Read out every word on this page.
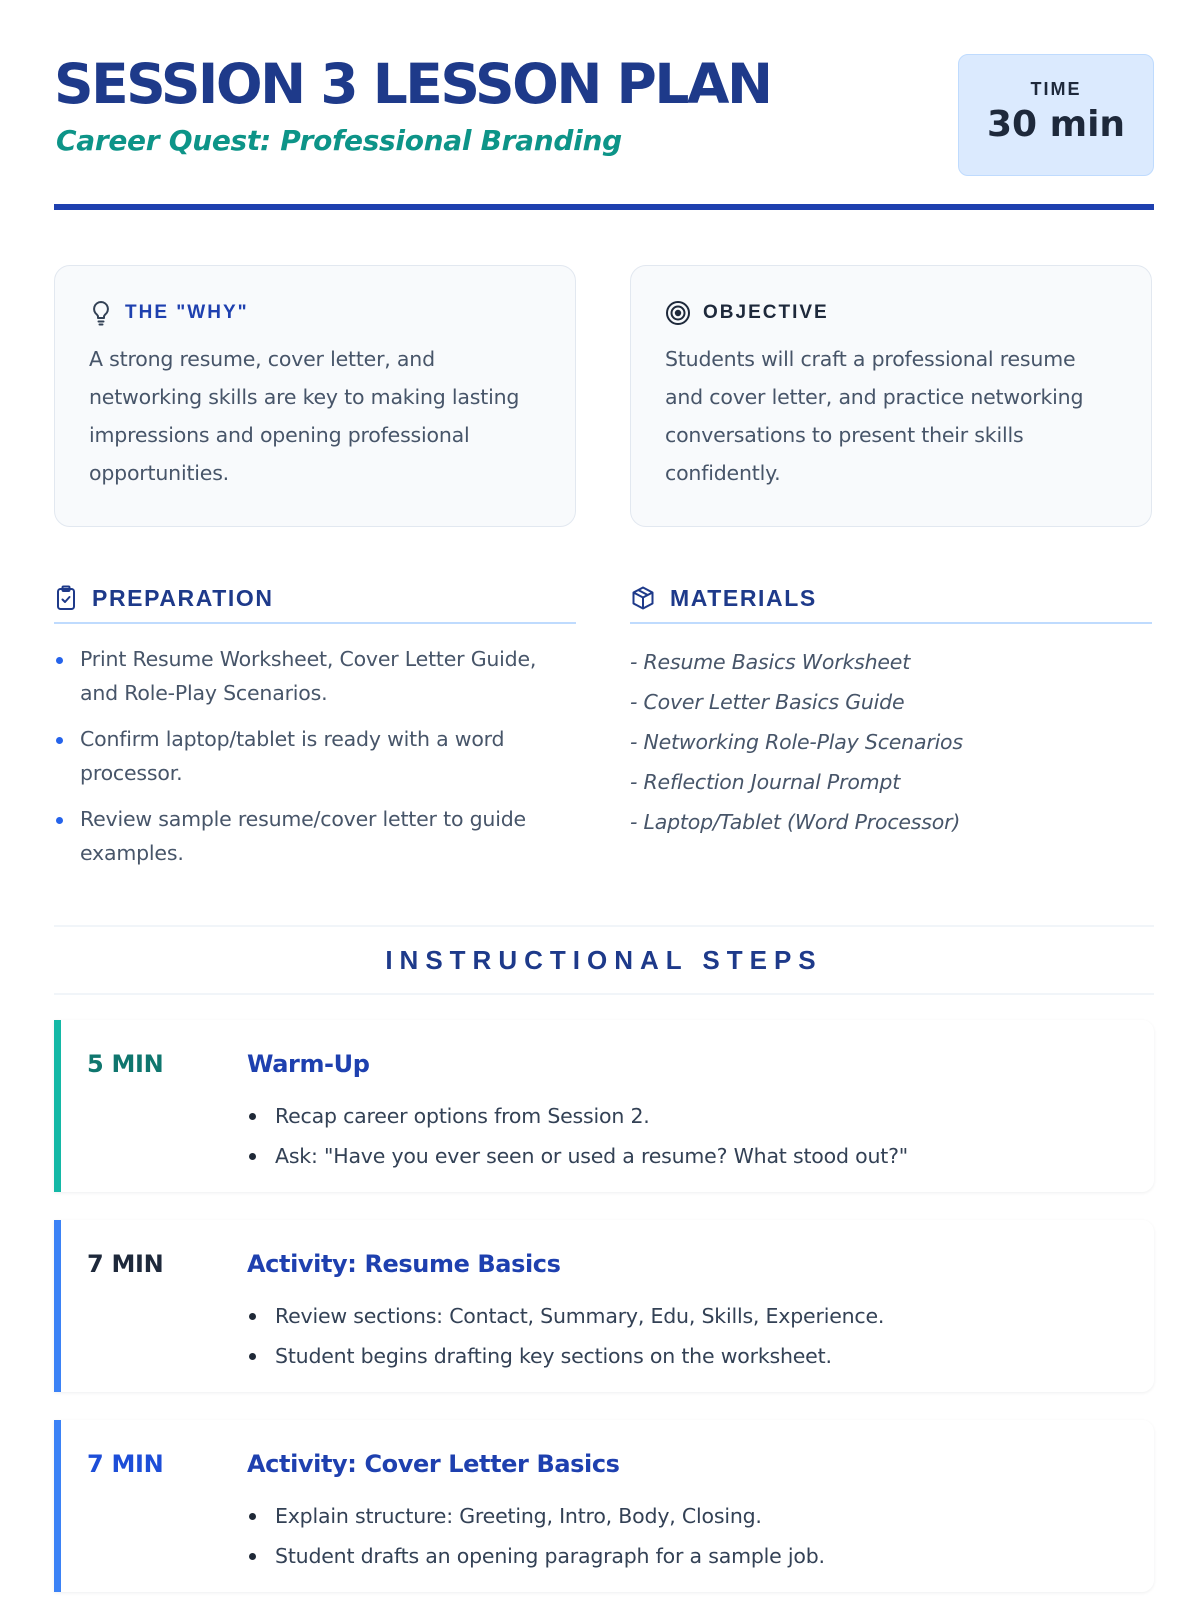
SESSION 3 LESSON PLAN

Career Quest: Professional Branding

TIME
30 min
THE "WHY"
A strong resume, cover letter, and networking skills are key to making lasting impressions and opening professional opportunities.
OBJECTIVE
Students will craft a professional resume and cover letter, and practice networking conversations to present their skills confidently.
PREPARATION
Print Resume Worksheet, Cover Letter Guide, and Role-Play Scenarios.
Confirm laptop/tablet is ready with a word processor.
Review sample resume/cover letter to guide examples.
MATERIALS
- Resume Basics Worksheet
- Cover Letter Basics Guide
- Networking Role-Play Scenarios
- Reflection Journal Prompt
- Laptop/Tablet (Word Processor)
INSTRUCTIONAL STEPS
5 MIN	Warm-Up
Recap career options from Session 2.
Ask: "Have you ever seen or used a resume? What stood out?"
7 MIN	Activity: Resume Basics
Review sections: Contact, Summary, Edu, Skills, Experience.
Student begins drafting key sections on the worksheet.
7 MIN	Activity: Cover Letter Basics
Explain structure: Greeting, Intro, Body, Closing.
Student drafts an opening paragraph for a sample job.
